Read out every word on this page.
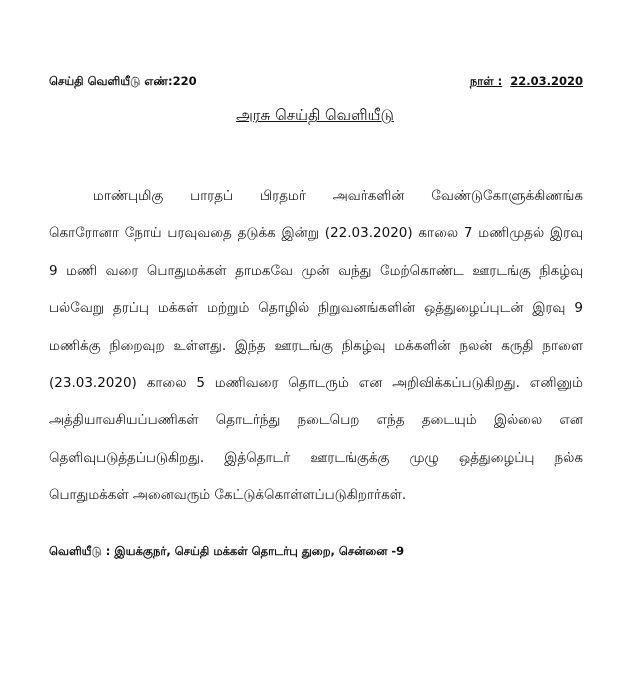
செய்தி வெளியீடு எண்:220	நாள் : 22.03.2020
அரசு செய்தி வெளியீடு
மாண்புமிகு பாரதப் பிரதமர் அவர்களின் வேண்டுகோளுக்கிணங்க
கொரோனா நோய் பரவுவதை தடுக்க இன்று (22.03.2020) காலை 7 மணிமுதல் இரவு
9 மணி வரை பொதுமக்கள் தாமகவே முன் வந்து மேற்கொண்ட ஊரடங்கு நிகழ்வு
பல்வேறு தரப்பு மக்கள் மற்றும் தொழில் நிறுவனங்களின் ஒத்துழைப்புடன் இரவு 9
மணிக்கு நிறைவுற உள்ளது. இந்த ஊரடங்கு நிகழ்வு மக்களின் நலன் கருதி நாளை
(23.03.2020) காலை 5 மணிவரை தொடரும் என அறிவிக்கப்படுகிறது. எனினும்
அத்தியாவசியப்பணிகள் தொடர்ந்து நடைபெற எந்த தடையும் இல்லை என
தெளிவுபடுத்தப்படுகிறது. இத்தொடர் ஊரடங்குக்கு முழு ஒத்துழைப்பு நல்க
பொதுமக்கள் அனைவரும் கேட்டுக்கொள்ளப்படுகிறார்கள்.
வெளியீடு : இயக்குநர், செய்தி மக்கள் தொடர்பு துறை, சென்னை -9
